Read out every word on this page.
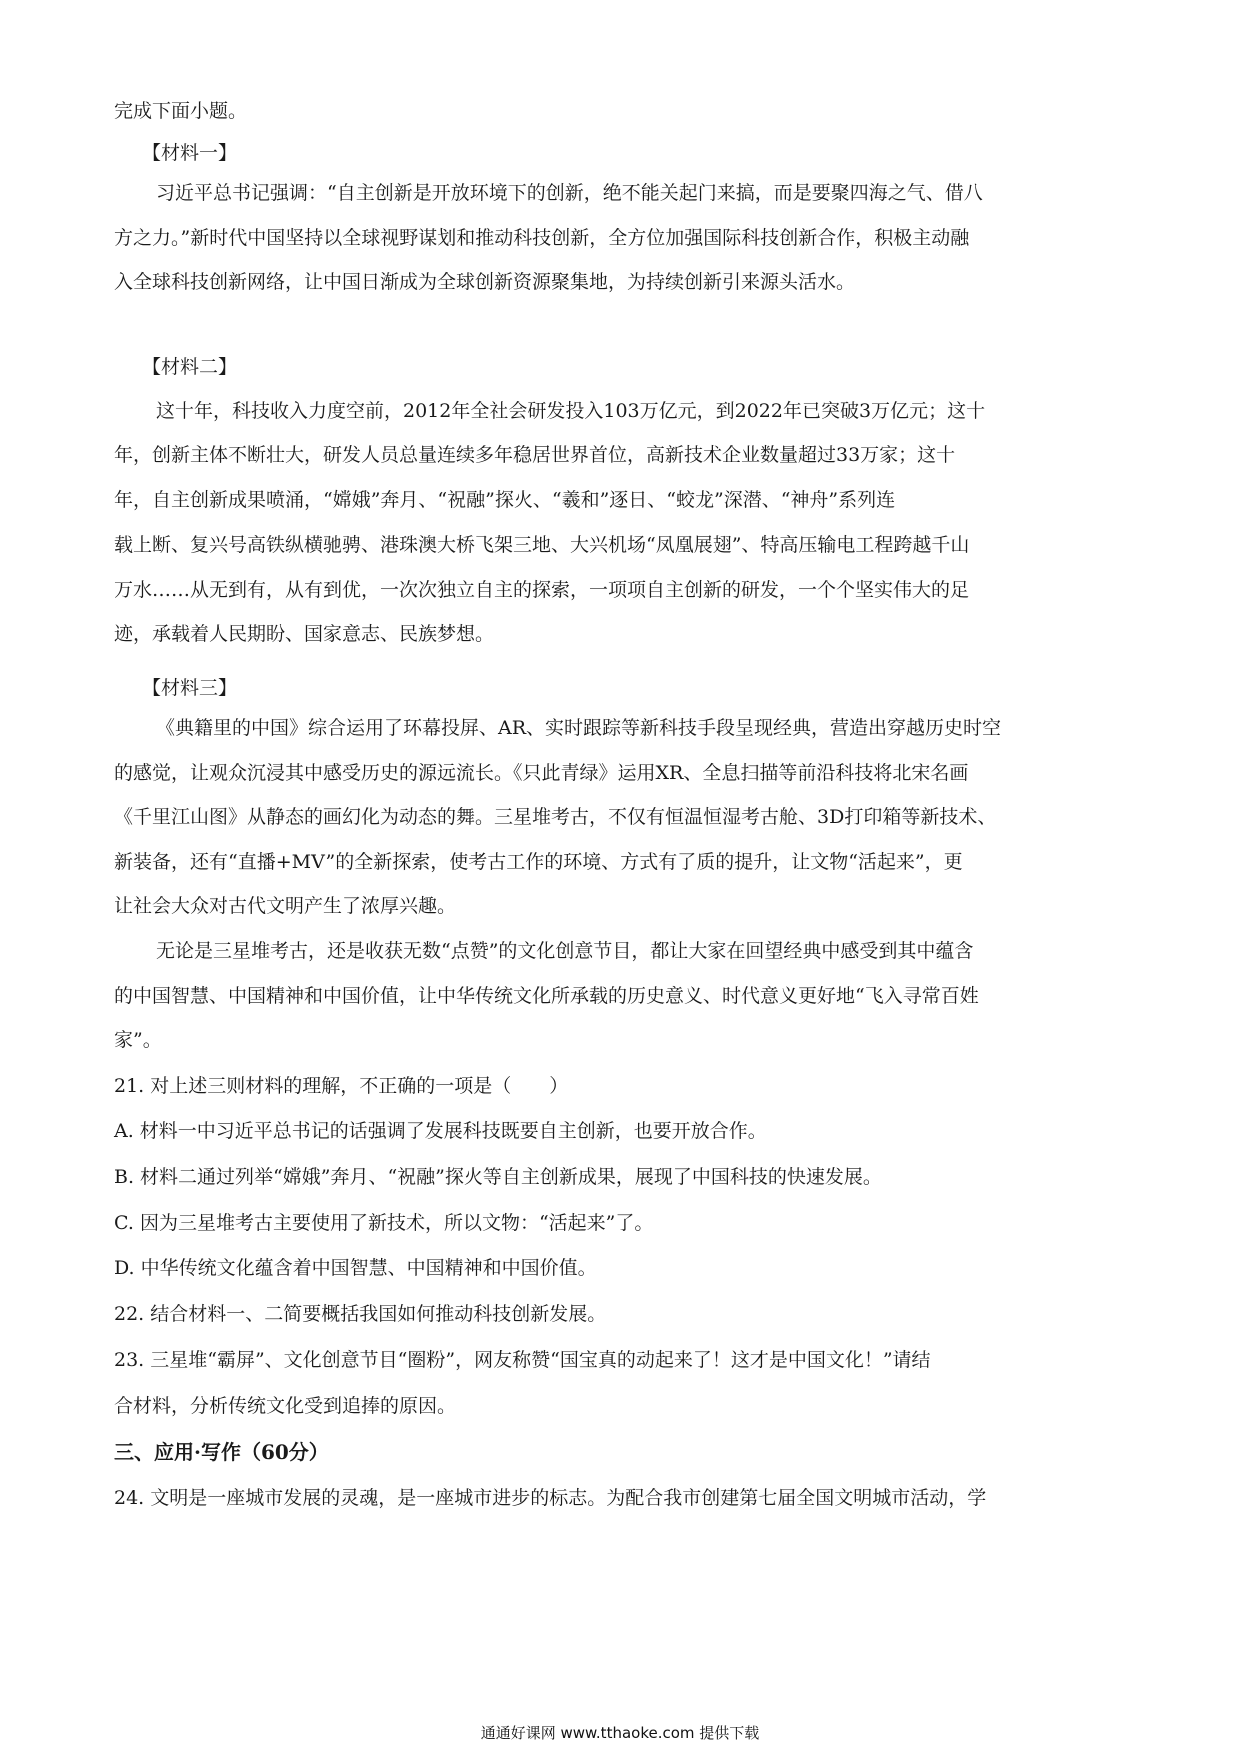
完成下面小题。
【材料一】
习近平总书记强调：“自主创新是开放环境下的创新，绝不能关起门来搞，而是要聚四海之气、借八
方之力。”新时代中国坚持以全球视野谋划和推动科技创新，全方位加强国际科技创新合作，积极主动融
入全球科技创新网络，让中国日渐成为全球创新资源聚集地，为持续创新引来源头活水。
【材料二】
这十年，科技收入力度空前，2012年全社会研发投入103万亿元，到2022年已突破3万亿元；这十
年，创新主体不断壮大，研发人员总量连续多年稳居世界首位，高新技术企业数量超过33万家；这十
年，自主创新成果喷涌，“嫦娥”奔月、“祝融”探火、“羲和”逐日、“蛟龙”深潜、“神舟”系列连
载上断、复兴号高铁纵横驰骋、港珠澳大桥飞架三地、大兴机场“凤凰展翅”、特高压输电工程跨越千山
万水……从无到有，从有到优，一次次独立自主的探索，一项项自主创新的研发，一个个坚实伟大的足
迹，承载着人民期盼、国家意志、民族梦想。
【材料三】
《典籍里的中国》综合运用了环幕投屏、AR、实时跟踪等新科技手段呈现经典，营造出穿越历史时空
的感觉，让观众沉浸其中感受历史的源远流长。《只此青绿》运用XR、全息扫描等前沿科技将北宋名画
《千里江山图》从静态的画幻化为动态的舞。三星堆考古，不仅有恒温恒湿考古舱、3D打印箱等新技术、
新装备，还有“直播+MV”的全新探索，使考古工作的环境、方式有了质的提升，让文物“活起来”，更
让社会大众对古代文明产生了浓厚兴趣。
无论是三星堆考古，还是收获无数“点赞”的文化创意节目，都让大家在回望经典中感受到其中蕴含
的中国智慧、中国精神和中国价值，让中华传统文化所承载的历史意义、时代意义更好地“飞入寻常百姓
家”。
21. 对上述三则材料的理解，不正确的一项是（　　）
A. 材料一中习近平总书记的话强调了发展科技既要自主创新，也要开放合作。
B. 材料二通过列举“嫦娥”奔月、“祝融”探火等自主创新成果，展现了中国科技的快速发展。
C. 因为三星堆考古主要使用了新技术，所以文物：“活起来”了。
D. 中华传统文化蕴含着中国智慧、中国精神和中国价值。
22. 结合材料一、二简要概括我国如何推动科技创新发展。
23. 三星堆“霸屏”、文化创意节目“圈粉”，网友称赞“国宝真的动起来了！这才是中国文化！”请结
合材料，分析传统文化受到追捧的原因。
三、应用·写作（60分）
24. 文明是一座城市发展的灵魂，是一座城市进步的标志。为配合我市创建第七届全国文明城市活动，学
通通好课网 www.tthaoke.com 提供下载
